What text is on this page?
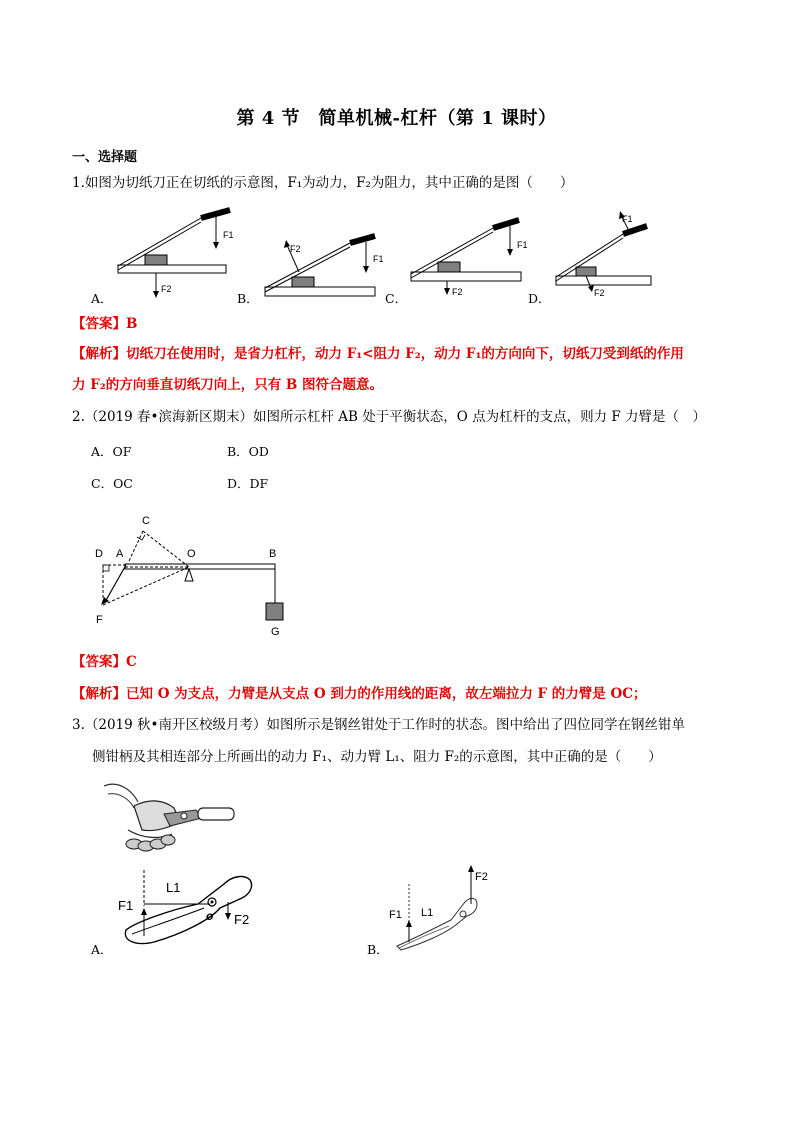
第 4 节　简单机械-杠杆（第 1 课时）
一、选择题
1.如图为切纸刀正在切纸的示意图，F₁为动力，F₂为阻力，其中正确的是图（　　）
F1
F2
F1
F2	F1
F2
F1
F2
A．	B．	C．	D．
【答案】B
【解析】切纸刀在使用时，是省力杠杆，动力 F₁<阻力 F₂，动力 F₁的方向向下，切纸刀受到纸的作用
力 F₂的方向垂直切纸刀向上，只有 B 图符合题意。
2.（2019 春•滨海新区期末）如图所示杠杆 AB 处于平衡状态，O 点为杠杆的支点，则力 F 力臂是（　）
A．OF	B．OD
C．OC	D．DF
C
D A	O	B
F
G
【答案】C
【解析】已知 O 为支点，力臂是从支点 O 到力的作用线的距离，故左端拉力 F 的力臂是 OC；
3.（2019 秋•南开区校级月考）如图所示是钢丝钳处于工作时的状态。图中给出了四位同学在钢丝钳单
侧钳柄及其相连部分上所画出的动力 F₁、动力臂 L₁、阻力 F₂的示意图，其中正确的是（　　）
F1
L1
F2
o
A．
F1 L1
F2
B．
